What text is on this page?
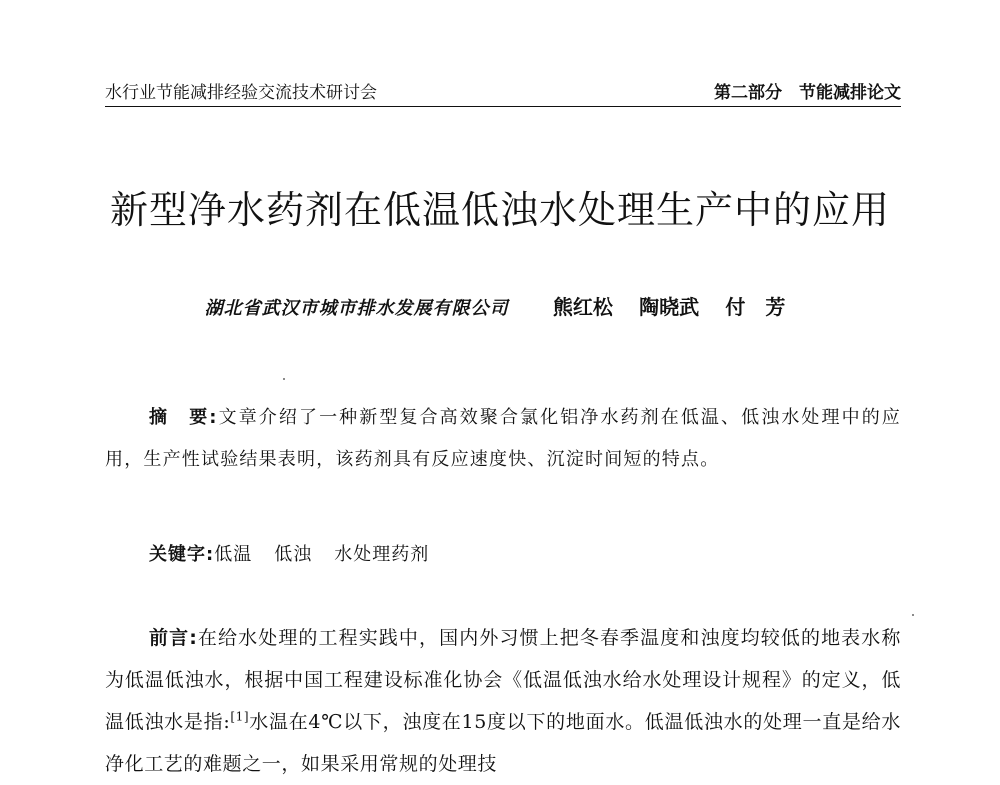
水行业节能减排经验交流技术研讨会	第二部分　节能减排论文
新型净水药剂在低温低浊水处理生产中的应用
湖北省武汉市城市排水发展有限公司 熊红松 陶晓武 付　芳
摘　要:文章介绍了一种新型复合高效聚合氯化铝净水药剂在低温、低浊水处理中的应用，生产性试验结果表明，该药剂具有反应速度快、沉淀时间短的特点。
关键字:低温 低浊 水处理药剂
前言:在给水处理的工程实践中，国内外习惯上把冬春季温度和浊度均较低的地表水称为低温低浊水，根据中国工程建设标准化协会《低温低浊水给水处理设计规程》的定义，低温低浊水是指:[1]水温在4℃以下，浊度在15度以下的地面水。低温低浊水的处理一直是给水净化工艺的难题之一，如果采用常规的处理技
